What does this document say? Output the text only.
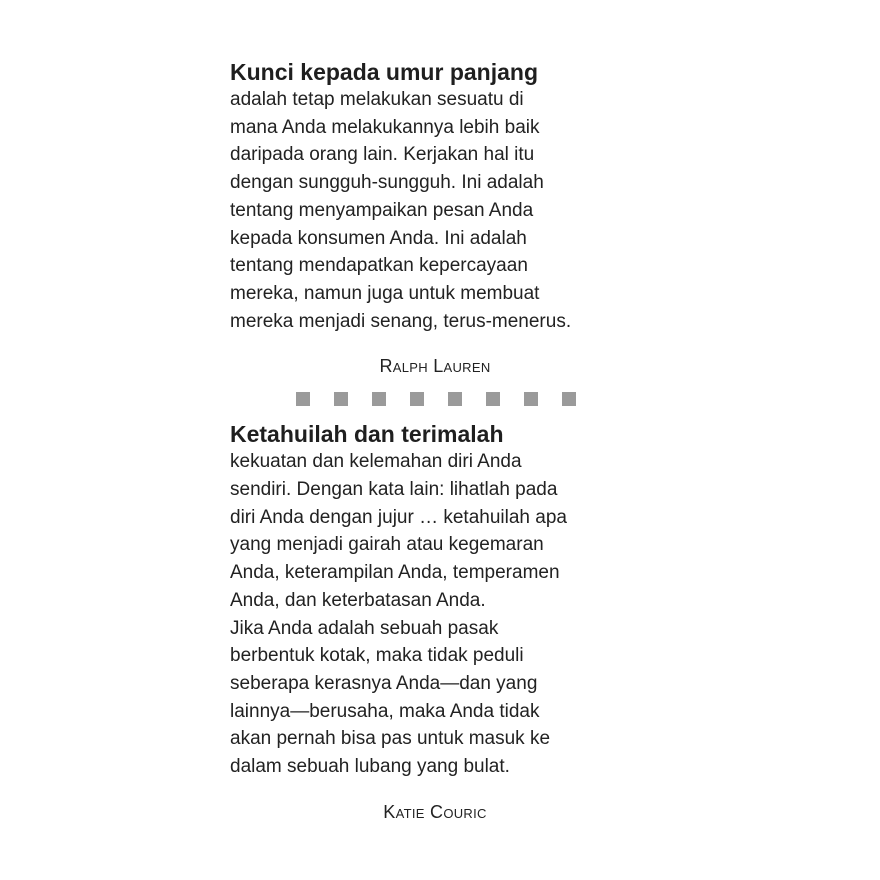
Kunci kepada umur panjang

adalah tetap melakukan sesuatu di
mana Anda melakukannya lebih baik
daripada orang lain. Kerjakan hal itu
dengan sungguh-sungguh. Ini adalah
tentang menyampaikan pesan Anda
kepada konsumen Anda. Ini adalah
tentang mendapatkan kepercayaan
mereka, namun juga untuk membuat
mereka menjadi senang, terus-menerus.

Ralph Lauren

Ketahuilah dan terimalah

kekuatan dan kelemahan diri Anda
sendiri. Dengan kata lain: lihatlah pada
diri Anda dengan jujur … ketahuilah apa
yang menjadi gairah atau kegemaran
Anda, keterampilan Anda, temperamen
Anda, dan keterbatasan Anda.
Jika Anda adalah sebuah pasak
berbentuk kotak, maka tidak peduli
seberapa kerasnya Anda—dan yang
lainnya—berusaha, maka Anda tidak
akan pernah bisa pas untuk masuk ke
dalam sebuah lubang yang bulat.

Katie Couric
